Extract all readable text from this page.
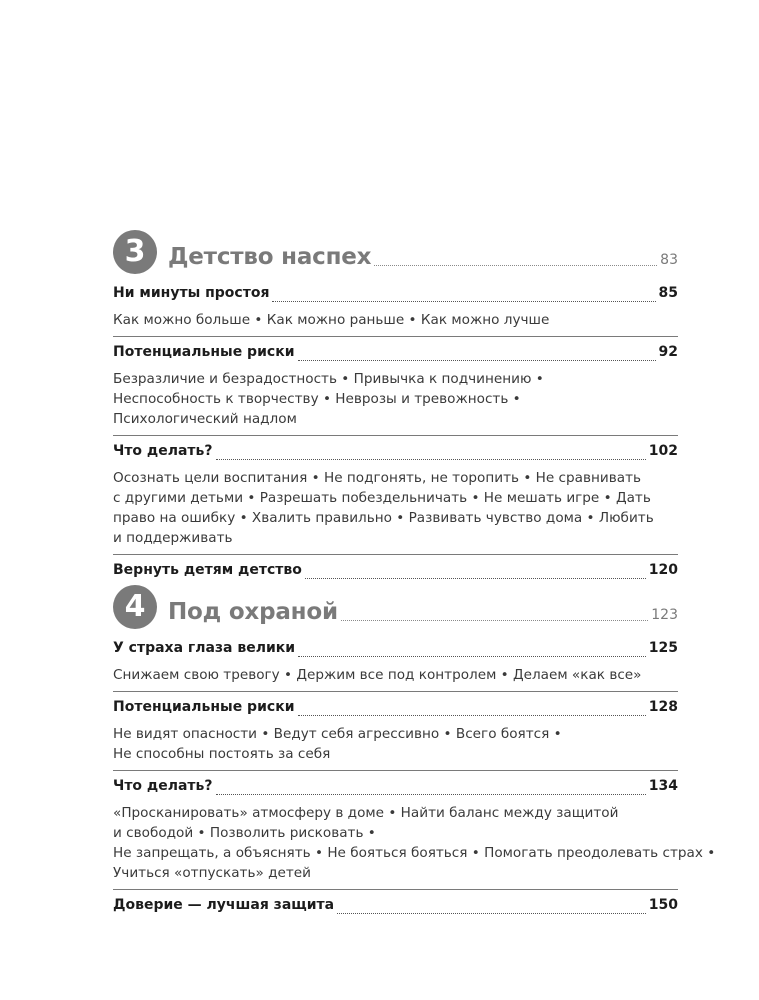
3 Детство наспех	83
Ни минуты простоя	85
Как можно больше • Как можно раньше • Как можно лучше
Потенциальные риски	92
Безразличие и безрадостность • Привычка к подчинению •
Неспособность к творчеству • Неврозы и тревожность •
Психологический надлом
Что делать?	102
Осознать цели воспитания • Не подгонять, не торопить • Не сравнивать
с другими детьми • Разрешать побездельничать • Не мешать игре • Дать
право на ошибку • Хвалить правильно • Развивать чувство дома • Любить
и поддерживать
Вернуть детям детство	120
4 Под охраной	123
У страха глаза велики	125
Снижаем свою тревогу • Держим все под контролем • Делаем «как все»
Потенциальные риски	128
Не видят опасности • Ведут себя агрессивно • Всего боятся •
Не способны постоять за себя
Что делать?	134
«Просканировать» атмосферу в доме • Найти баланс между защитой
и свободой • Позволить рисковать •
Не запрещать, а объяснять • Не бояться бояться • Помогать преодолевать страх •
Учиться «отпускать» детей
Доверие — лучшая защита	150
